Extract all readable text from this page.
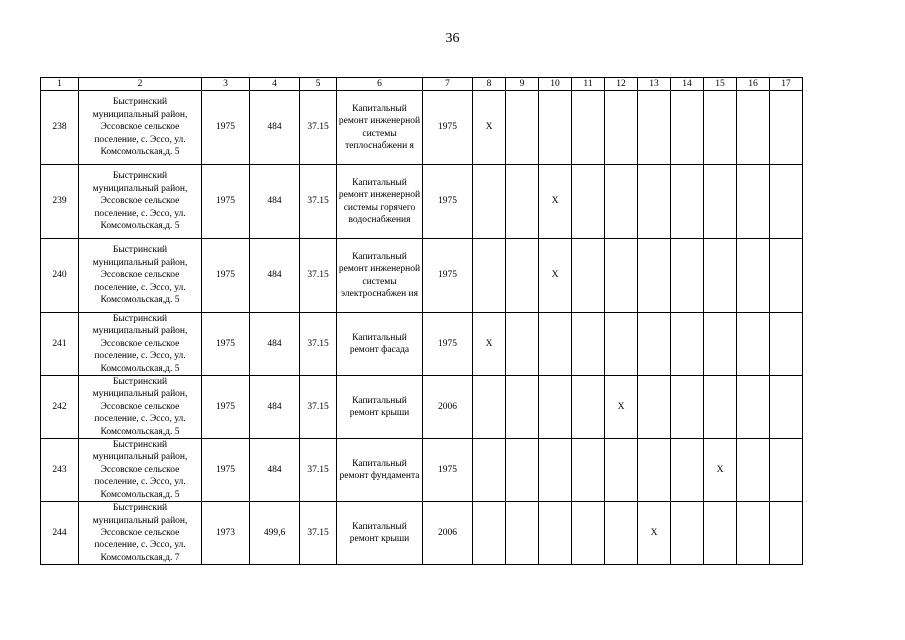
36
1	2	3	4	5	6	7	8	9	10	11	12	13	14	15	16	17
238	Быстринский муниципальный район, Эссовское сельское поселение, с. Эссо, ул. Комсомольская,д. 5	1975	484	37.15	Капитальный ремонт инженерной системы теплоснабжени я	1975	X									
239	Быстринский муниципальный район, Эссовское сельское поселение, с. Эссо, ул. Комсомольская,д. 5	1975	484	37.15	Капитальный ремонт инженерной системы горячего водоснабжения	1975			X							
240	Быстринский муниципальный район, Эссовское сельское поселение, с. Эссо, ул. Комсомольская,д. 5	1975	484	37.15	Капитальный ремонт инженерной системы электроснабжен ия	1975			X							
241	Быстринский муниципальный район, Эссовское сельское поселение, с. Эссо, ул. Комсомольская,д. 5	1975	484	37.15	Капитальный ремонт фасада	1975	X									
242	Быстринский муниципальный район, Эссовское сельское поселение, с. Эссо, ул. Комсомольская,д. 5	1975	484	37.15	Капитальный ремонт крыши	2006					X					
243	Быстринский муниципальный район, Эссовское сельское поселение, с. Эссо, ул. Комсомольская,д. 5	1975	484	37.15	Капитальный ремонт фундамента	1975								X		
244	Быстринский муниципальный район, Эссовское сельское поселение, с. Эссо, ул. Комсомольская,д. 7	1973	499,6	37.15	Капитальный ремонт крыши	2006						X				
